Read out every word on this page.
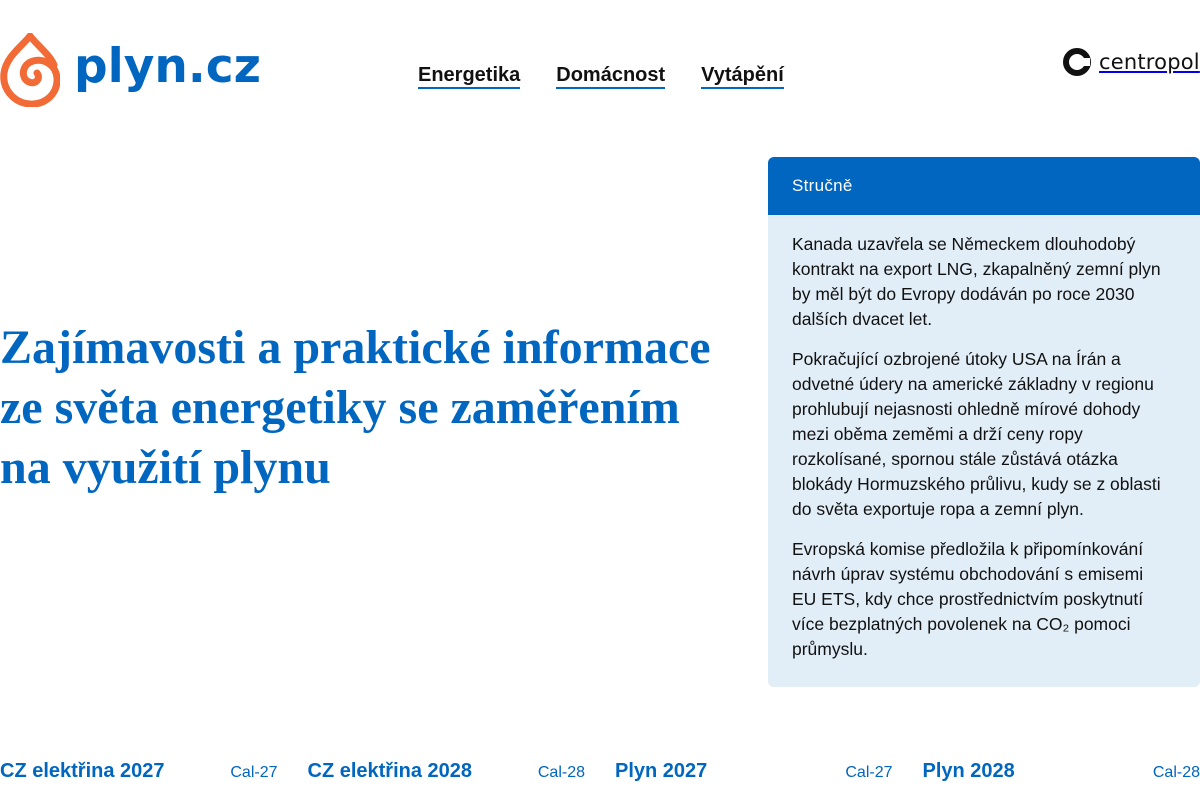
plyn.cz	Energetika Domácnost Vytápění
centropol
Zajímavosti a praktické informace ze světa energetiky se zaměřením na využití plynu
Stručně

Kanada uzavřela se Německem dlouhodobý kontrakt na export LNG, zkapalněný zemní plyn by měl být do Evropy dodáván po roce 2030 dalších dvacet let.

Pokračující ozbrojené útoky USA na Írán a odvetné údery na americké základny v regionu prohlubují nejasnosti ohledně mírové dohody mezi oběma zeměmi a drží ceny ropy rozkolísané, spornou stále zůstává otázka blokády Hormuzského průlivu, kudy se z oblasti do světa exportuje ropa a zemní plyn.

Evropská komise předložila k připomínkování návrh úprav systému obchodování s emisemi EU ETS, kdy chce prostřednictvím poskytnutí více bezplatných povolenek na CO₂ pomoci průmyslu.

CZ elektřina 2027	Cal-27 CZ elektřina 2028	Cal-28 Plyn 2027	Cal-27 Plyn 2028	Cal-28
